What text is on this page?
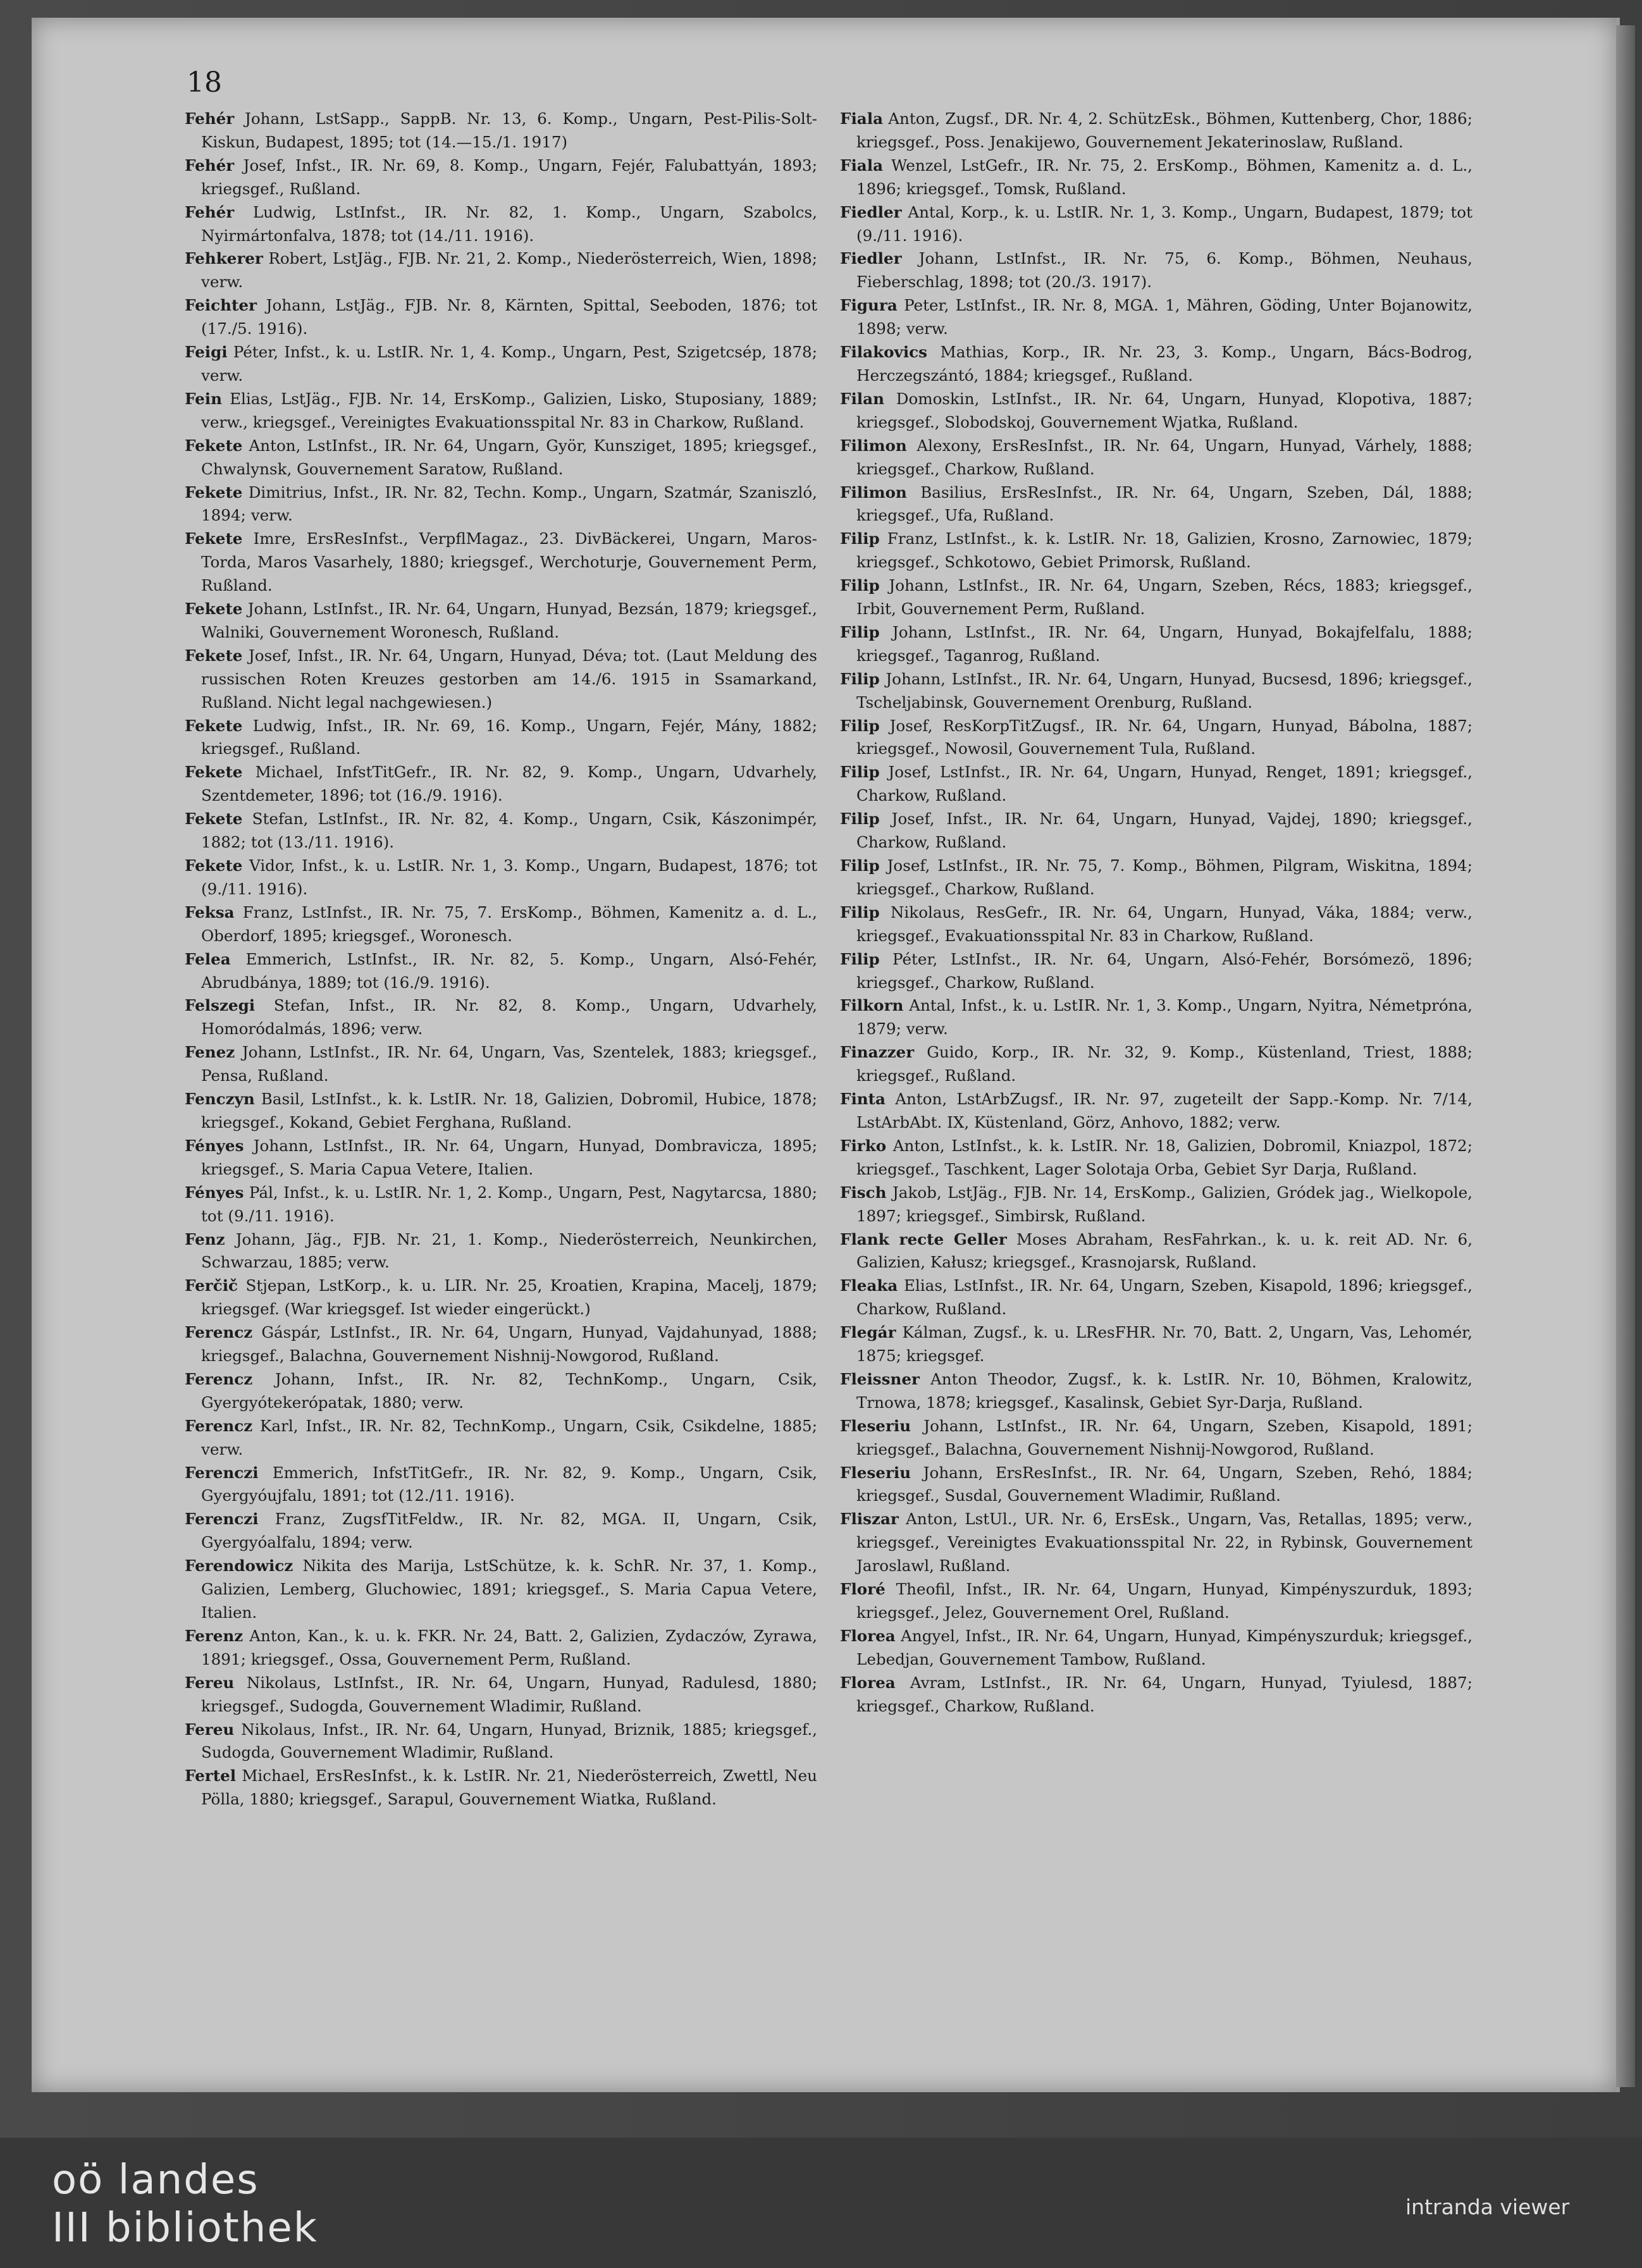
18

Fehér Johann, LstSapp., SappB. Nr. 13, 6. Komp., Ungarn, Pest-Pilis-Solt-Kiskun, Budapest, 1895; tot (14.—15./1. 1917)

Fehér Josef, Infst., IR. Nr. 69, 8. Komp., Ungarn, Fejér, Falubattyán, 1893; kriegsgef., Rußland.

Fehér Ludwig, LstInfst., IR. Nr. 82, 1. Komp., Ungarn, Szabolcs, Nyirmártonfalva, 1878; tot (14./11. 1916).

Fehkerer Robert, LstJäg., FJB. Nr. 21, 2. Komp., Niederösterreich, Wien, 1898; verw.

Feichter Johann, LstJäg., FJB. Nr. 8, Kärnten, Spittal, Seeboden, 1876; tot (17./5. 1916).

Feigi Péter, Infst., k. u. LstIR. Nr. 1, 4. Komp., Ungarn, Pest, Szigetcsép, 1878; verw.

Fein Elias, LstJäg., FJB. Nr. 14, ErsKomp., Galizien, Lisko, Stuposiany, 1889; verw., kriegsgef., Vereinigtes Evakuationsspital Nr. 83 in Charkow, Rußland.

Fekete Anton, LstInfst., IR. Nr. 64, Ungarn, Györ, Kunsziget, 1895; kriegsgef., Chwalynsk, Gouvernement Saratow, Rußland.

Fekete Dimitrius, Infst., IR. Nr. 82, Techn. Komp., Ungarn, Szatmár, Szaniszló, 1894; verw.

Fekete Imre, ErsResInfst., VerpflMagaz., 23. DivBäckerei, Ungarn, Maros-Torda, Maros Vasarhely, 1880; kriegsgef., Werchoturje, Gouvernement Perm, Rußland.

Fekete Johann, LstInfst., IR. Nr. 64, Ungarn, Hunyad, Bezsán, 1879; kriegsgef., Walniki, Gouvernement Woronesch, Rußland.

Fekete Josef, Infst., IR. Nr. 64, Ungarn, Hunyad, Déva; tot. (Laut Meldung des russischen Roten Kreuzes gestorben am 14./6. 1915 in Ssamarkand, Rußland. Nicht legal nachgewiesen.)

Fekete Ludwig, Infst., IR. Nr. 69, 16. Komp., Ungarn, Fejér, Mány, 1882; kriegsgef., Rußland.

Fekete Michael, InfstTitGefr., IR. Nr. 82, 9. Komp., Ungarn, Udvarhely, Szentdemeter, 1896; tot (16./9. 1916).

Fekete Stefan, LstInfst., IR. Nr. 82, 4. Komp., Ungarn, Csik, Kászonimpér, 1882; tot (13./11. 1916).

Fekete Vidor, Infst., k. u. LstIR. Nr. 1, 3. Komp., Ungarn, Budapest, 1876; tot (9./11. 1916).

Feksa Franz, LstInfst., IR. Nr. 75, 7. ErsKomp., Böhmen, Kamenitz a. d. L., Oberdorf, 1895; kriegsgef., Woronesch.

Felea Emmerich, LstInfst., IR. Nr. 82, 5. Komp., Ungarn, Alsó-Fehér, Abrudbánya, 1889; tot (16./9. 1916).

Felszegi Stefan, Infst., IR. Nr. 82, 8. Komp., Ungarn, Udvarhely, Homoródalmás, 1896; verw.

Fenez Johann, LstInfst., IR. Nr. 64, Ungarn, Vas, Szentelek, 1883; kriegsgef., Pensa, Rußland.

Fenczyn Basil, LstInfst., k. k. LstIR. Nr. 18, Galizien, Dobromil, Hubice, 1878; kriegsgef., Kokand, Gebiet Ferghana, Rußland.

Fényes Johann, LstInfst., IR. Nr. 64, Ungarn, Hunyad, Dombravicza, 1895; kriegsgef., S. Maria Capua Vetere, Italien.

Fényes Pál, Infst., k. u. LstIR. Nr. 1, 2. Komp., Ungarn, Pest, Nagytarcsa, 1880; tot (9./11. 1916).

Fenz Johann, Jäg., FJB. Nr. 21, 1. Komp., Niederösterreich, Neunkirchen, Schwarzau, 1885; verw.

Ferčič Stjepan, LstKorp., k. u. LIR. Nr. 25, Kroatien, Krapina, Macelj, 1879; kriegsgef. (War kriegsgef. Ist wieder eingerückt.)

Ferencz Gáspár, LstInfst., IR. Nr. 64, Ungarn, Hunyad, Vajdahunyad, 1888; kriegsgef., Balachna, Gouvernement Nishnij-Nowgorod, Rußland.

Ferencz Johann, Infst., IR. Nr. 82, TechnKomp., Ungarn, Csik, Gyergyótekerópatak, 1880; verw.

Ferencz Karl, Infst., IR. Nr. 82, TechnKomp., Ungarn, Csik, Csikdelne, 1885; verw.

Ferenczi Emmerich, InfstTitGefr., IR. Nr. 82, 9. Komp., Ungarn, Csik, Gyergyóujfalu, 1891; tot (12./11. 1916).

Ferenczi Franz, ZugsfTitFeldw., IR. Nr. 82, MGA. II, Ungarn, Csik, Gyergyóalfalu, 1894; verw.

Ferendowicz Nikita des Marija, LstSchütze, k. k. SchR. Nr. 37, 1. Komp., Galizien, Lemberg, Gluchowiec, 1891; kriegsgef., S. Maria Capua Vetere, Italien.

Ferenz Anton, Kan., k. u. k. FKR. Nr. 24, Batt. 2, Galizien, Zydaczów, Zyrawa, 1891; kriegsgef., Ossa, Gouvernement Perm, Rußland.

Fereu Nikolaus, LstInfst., IR. Nr. 64, Ungarn, Hunyad, Radulesd, 1880; kriegsgef., Sudogda, Gouvernement Wladimir, Rußland.

Fereu Nikolaus, Infst., IR. Nr. 64, Ungarn, Hunyad, Briznik, 1885; kriegsgef., Sudogda, Gouvernement Wladimir, Rußland.

Fertel Michael, ErsResInfst., k. k. LstIR. Nr. 21, Niederösterreich, Zwettl, Neu Pölla, 1880; kriegsgef., Sarapul, Gouvernement Wiatka, Rußland.

Fiala Anton, Zugsf., DR. Nr. 4, 2. SchützEsk., Böhmen, Kuttenberg, Chor, 1886; kriegsgef., Poss. Jenakijewo, Gouvernement Jekaterinoslaw, Rußland.

Fiala Wenzel, LstGefr., IR. Nr. 75, 2. ErsKomp., Böhmen, Kamenitz a. d. L., 1896; kriegsgef., Tomsk, Rußland.

Fiedler Antal, Korp., k. u. LstIR. Nr. 1, 3. Komp., Ungarn, Budapest, 1879; tot (9./11. 1916).

Fiedler Johann, LstInfst., IR. Nr. 75, 6. Komp., Böhmen, Neuhaus, Fieberschlag, 1898; tot (20./3. 1917).

Figura Peter, LstInfst., IR. Nr. 8, MGA. 1, Mähren, Göding, Unter Bojanowitz, 1898; verw.

Filakovics Mathias, Korp., IR. Nr. 23, 3. Komp., Ungarn, Bács-Bodrog, Herczegszántó, 1884; kriegsgef., Rußland.

Filan Domoskin, LstInfst., IR. Nr. 64, Ungarn, Hunyad, Klopotiva, 1887; kriegsgef., Slobodskoj, Gouvernement Wjatka, Rußland.

Filimon Alexony, ErsResInfst., IR. Nr. 64, Ungarn, Hunyad, Várhely, 1888; kriegsgef., Charkow, Rußland.

Filimon Basilius, ErsResInfst., IR. Nr. 64, Ungarn, Szeben, Dál, 1888; kriegsgef., Ufa, Rußland.

Filip Franz, LstInfst., k. k. LstIR. Nr. 18, Galizien, Krosno, Zarnowiec, 1879; kriegsgef., Schkotowo, Gebiet Primorsk, Rußland.

Filip Johann, LstInfst., IR. Nr. 64, Ungarn, Szeben, Récs, 1883; kriegsgef., Irbit, Gouvernement Perm, Rußland.

Filip Johann, LstInfst., IR. Nr. 64, Ungarn, Hunyad, Bokajfelfalu, 1888; kriegsgef., Taganrog, Rußland.

Filip Johann, LstInfst., IR. Nr. 64, Ungarn, Hunyad, Bucsesd, 1896; kriegsgef., Tscheljabinsk, Gouvernement Orenburg, Rußland.

Filip Josef, ResKorpTitZugsf., IR. Nr. 64, Ungarn, Hunyad, Bábolna, 1887; kriegsgef., Nowosil, Gouvernement Tula, Rußland.

Filip Josef, LstInfst., IR. Nr. 64, Ungarn, Hunyad, Renget, 1891; kriegsgef., Charkow, Rußland.

Filip Josef, Infst., IR. Nr. 64, Ungarn, Hunyad, Vajdej, 1890; kriegsgef., Charkow, Rußland.

Filip Josef, LstInfst., IR. Nr. 75, 7. Komp., Böhmen, Pilgram, Wiskitna, 1894; kriegsgef., Charkow, Rußland.

Filip Nikolaus, ResGefr., IR. Nr. 64, Ungarn, Hunyad, Váka, 1884; verw., kriegsgef., Evakuationsspital Nr. 83 in Charkow, Rußland.

Filip Péter, LstInfst., IR. Nr. 64, Ungarn, Alsó-Fehér, Borsómezö, 1896; kriegsgef., Charkow, Rußland.

Filkorn Antal, Infst., k. u. LstIR. Nr. 1, 3. Komp., Ungarn, Nyitra, Németprόna, 1879; verw.

Finazzer Guido, Korp., IR. Nr. 32, 9. Komp., Küstenland, Triest, 1888; kriegsgef., Rußland.

Finta Anton, LstArbZugsf., IR. Nr. 97, zugeteilt der Sapp.-Komp. Nr. 7/14, LstArbAbt. IX, Küstenland, Görz, Anhovo, 1882; verw.

Firko Anton, LstInfst., k. k. LstIR. Nr. 18, Galizien, Dobromil, Kniazpol, 1872; kriegsgef., Taschkent, Lager Solotaja Orba, Gebiet Syr Darja, Rußland.

Fisch Jakob, LstJäg., FJB. Nr. 14, ErsKomp., Galizien, Gródek jag., Wielkopole, 1897; kriegsgef., Simbirsk, Rußland.

Flank recte Geller Moses Abraham, ResFahrkan., k. u. k. reit AD. Nr. 6, Galizien, Kałusz; kriegsgef., Krasnojarsk, Rußland.

Fleaka Elias, LstInfst., IR. Nr. 64, Ungarn, Szeben, Kisapold, 1896; kriegsgef., Charkow, Rußland.

Flegár Kálman, Zugsf., k. u. LResFHR. Nr. 70, Batt. 2, Ungarn, Vas, Lehomér, 1875; kriegsgef.

Fleissner Anton Theodor, Zugsf., k. k. LstIR. Nr. 10, Böhmen, Kralowitz, Trnowa, 1878; kriegsgef., Kasalinsk, Gebiet Syr-Darja, Rußland.

Fleseriu Johann, LstInfst., IR. Nr. 64, Ungarn, Szeben, Kisapold, 1891; kriegsgef., Balachna, Gouvernement Nishnij-Nowgorod, Rußland.

Fleseriu Johann, ErsResInfst., IR. Nr. 64, Ungarn, Szeben, Rehó, 1884; kriegsgef., Susdal, Gouvernement Wladimir, Rußland.

Fliszar Anton, LstUl., UR. Nr. 6, ErsEsk., Ungarn, Vas, Retallas, 1895; verw., kriegsgef., Vereinigtes Evakuationsspital Nr. 22, in Rybinsk, Gouvernement Jaroslawl, Rußland.

Floré Theofil, Infst., IR. Nr. 64, Ungarn, Hunyad, Kimpényszurduk, 1893; kriegsgef., Jelez, Gouvernement Orel, Rußland.

Florea Angyel, Infst., IR. Nr. 64, Ungarn, Hunyad, Kimpényszurduk; kriegsgef., Lebedjan, Gouvernement Tambow, Rußland.

Florea Avram, LstInfst., IR. Nr. 64, Ungarn, Hunyad, Tyiulesd, 1887; kriegsgef., Charkow, Rußland.

oö landes
III bibliothek	intranda viewer
